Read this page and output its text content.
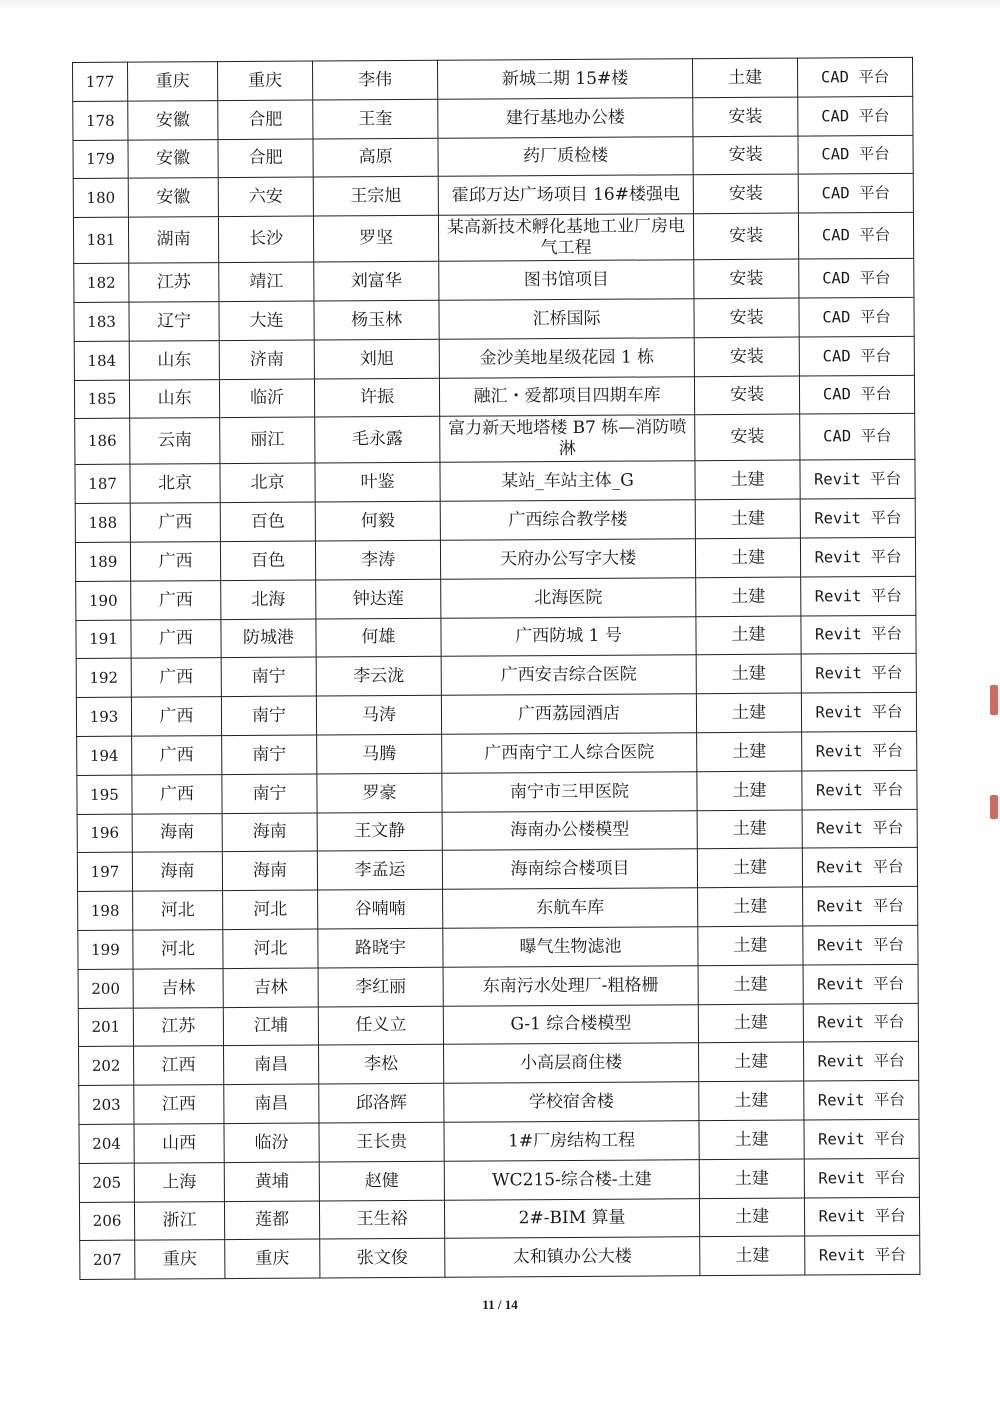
177	重庆	重庆	李伟	新城二期 15#楼	土建	CAD 平台
178	安徽	合肥	王奎	建行基地办公楼	安装	CAD 平台
179	安徽	合肥	高原	药厂质检楼	安装	CAD 平台
180	安徽	六安	王宗旭	霍邱万达广场项目 16#楼强电	安装	CAD 平台
181	湖南	长沙	罗坚	某高新技术孵化基地工业厂房电气工程	安装	CAD 平台
182	江苏	靖江	刘富华	图书馆项目	安装	CAD 平台
183	辽宁	大连	杨玉林	汇桥国际	安装	CAD 平台
184	山东	济南	刘旭	金沙美地星级花园 1 栋	安装	CAD 平台
185	山东	临沂	许振	融汇・爱都项目四期车库	安装	CAD 平台
186	云南	丽江	毛永露	富力新天地塔楼 B7 栋—消防喷淋	安装	CAD 平台
187	北京	北京	叶鉴	某站_车站主体_G	土建	Revit 平台
188	广西	百色	何毅	广西综合教学楼	土建	Revit 平台
189	广西	百色	李涛	天府办公写字大楼	土建	Revit 平台
190	广西	北海	钟达莲	北海医院	土建	Revit 平台
191	广西	防城港	何雄	广西防城 1 号	土建	Revit 平台
192	广西	南宁	李云泷	广西安吉综合医院	土建	Revit 平台
193	广西	南宁	马涛	广西荔园酒店	土建	Revit 平台
194	广西	南宁	马腾	广西南宁工人综合医院	土建	Revit 平台
195	广西	南宁	罗豪	南宁市三甲医院	土建	Revit 平台
196	海南	海南	王文静	海南办公楼模型	土建	Revit 平台
197	海南	海南	李孟运	海南综合楼项目	土建	Revit 平台
198	河北	河北	谷喃喃	东航车库	土建	Revit 平台
199	河北	河北	路晓宇	曝气生物滤池	土建	Revit 平台
200	吉林	吉林	李红丽	东南污水处理厂-粗格栅	土建	Revit 平台
201	江苏	江埔	任义立	G-1 综合楼模型	土建	Revit 平台
202	江西	南昌	李松	小高层商住楼	土建	Revit 平台
203	江西	南昌	邱洛辉	学校宿舍楼	土建	Revit 平台
204	山西	临汾	王长贵	1#厂房结构工程	土建	Revit 平台
205	上海	黄埔	赵健	WC215-综合楼-土建	土建	Revit 平台
206	浙江	莲都	王生裕	2#-BIM 算量	土建	Revit 平台
207	重庆	重庆	张文俊	太和镇办公大楼	土建	Revit 平台
11 / 14
